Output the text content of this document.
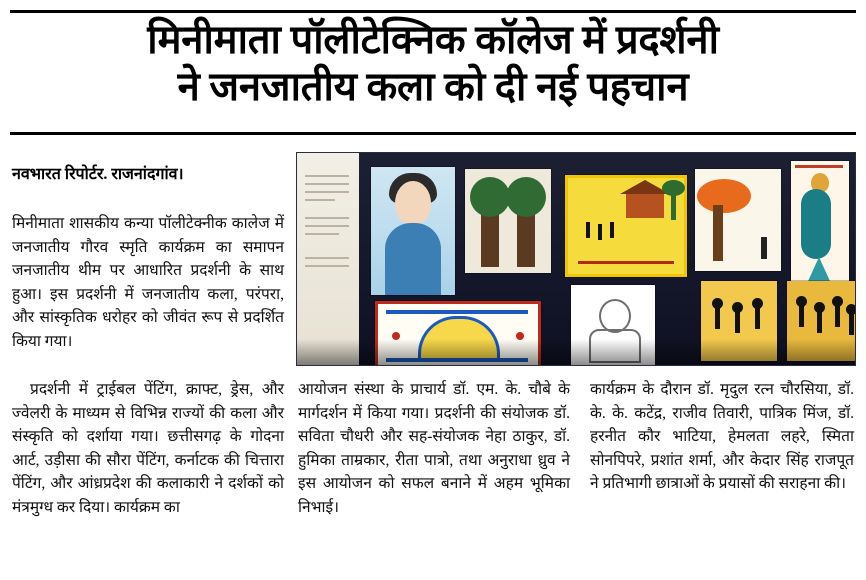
मिनीमाता पॉलीटेक्निक कॉलेज में प्रदर्शनी
ने जनजातीय कला को दी नई पहचान
नवभारत रिपोर्टर. राजनांदगांव।

मिनीमाता शासकीय कन्या पॉलीटेक्नीक कालेज में जनजातीय गौरव स्मृति कार्यक्रम का समापन जनजातीय थीम पर आधारित प्रदर्शनी के साथ हुआ। इस प्रदर्शनी में जनजातीय कला, परंपरा, और सांस्कृतिक धरोहर को जीवंत रूप से प्रदर्शित किया गया।

प्रदर्शनी में ट्राईबल पेंटिंग, क्राफ्ट, ड्रेस, और ज्वेलरी के माध्यम से विभिन्न राज्यों की कला और संस्कृति को दर्शाया गया। छत्तीसगढ़ के गोदना आर्ट, उड़ीसा की सौरा पेंटिंग, कर्नाटक की चित्तारा पेंटिंग, और आंध्रप्रदेश की कलाकारी ने दर्शकों को मंत्रमुग्ध कर दिया। कार्यक्रम का

आयोजन संस्था के प्राचार्य डॉ. एम. के. चौबे के मार्गदर्शन में किया गया। प्रदर्शनी की संयोजक डॉ. सविता चौधरी और सह-संयोजक नेहा ठाकुर, डॉ. हुमिका ताम्रकार, रीता पात्रो, तथा अनुराधा ध्रुव ने इस आयोजन को सफल बनाने में अहम भूमिका निभाई।

कार्यक्रम के दौरान डॉ. मृदुल रत्न चौरसिया, डॉ. के. के. कटेंद्र, राजीव तिवारी, पात्रिक मिंज, डॉ. हरनीत कौर भाटिया, हेमलता लहरे, स्मिता सोनपिपरे, प्रशांत शर्मा, और केदार सिंह राजपूत ने प्रतिभागी छात्राओं के प्रयासों की सराहना की।
